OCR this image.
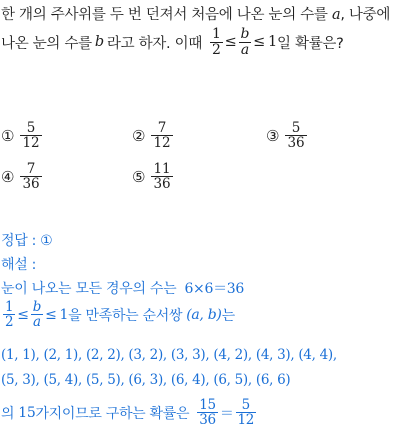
한 개의 주사위를 두 번 던져서 처음에 나온 눈의 수를 a, 나중에
나온 눈의 수를 b 라고 하자. 이때 $\frac{1}{2} \le \frac{b}{a} \le 1$ 일 확률은?
① $\frac{5}{12}$	② $\frac{7}{12}$	③ $\frac{5}{36}$
④ $\frac{7}{36}$	⑤ $\frac{11}{36}$
정답 : ①
해설 :
눈이 나오는 모든 경우의 수는 6×6＝36
$\frac{1}{2} \le \frac{b}{a} \le 1$ 을 만족하는 순서쌍 (a, b) 는
(1, 1), (2, 1), (2, 2), (3, 2), (3, 3), (4, 2), (4, 3), (4, 4),
(5, 3), (5, 4), (5, 5), (6, 3), (6, 4), (6, 5), (6, 6)
의 15 가지이므로 구하는 확률은 $\frac{15}{36} = \frac{5}{12}$
